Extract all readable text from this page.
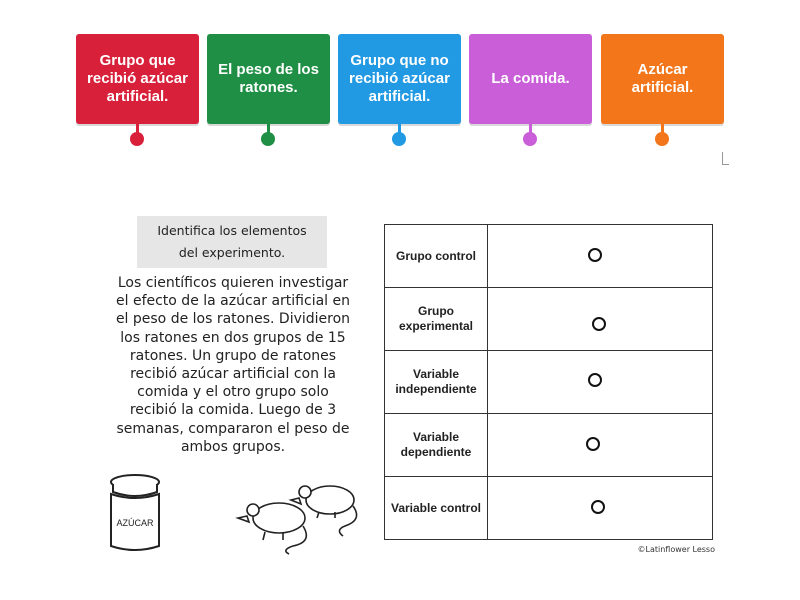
Grupo que recibió azúcar artificial.
El peso de los ratones.
Grupo que no recibió azúcar artificial.
La comida.
Azúcar artificial.
Identifica los elementos
del experimento.
Los científicos quieren investigar el efecto de la azúcar artificial en el peso de los ratones. Dividieron los ratones en dos grupos de 15 ratones. Un grupo de ratones recibió azúcar artificial con la comida y el otro grupo solo recibió la comida. Luego de 3 semanas, compararon el peso de ambos grupos.
AZÚCAR
Grupo control
Grupo experimental
Variable independiente
Variable dependiente
Variable control
©Latinflower Lesso
